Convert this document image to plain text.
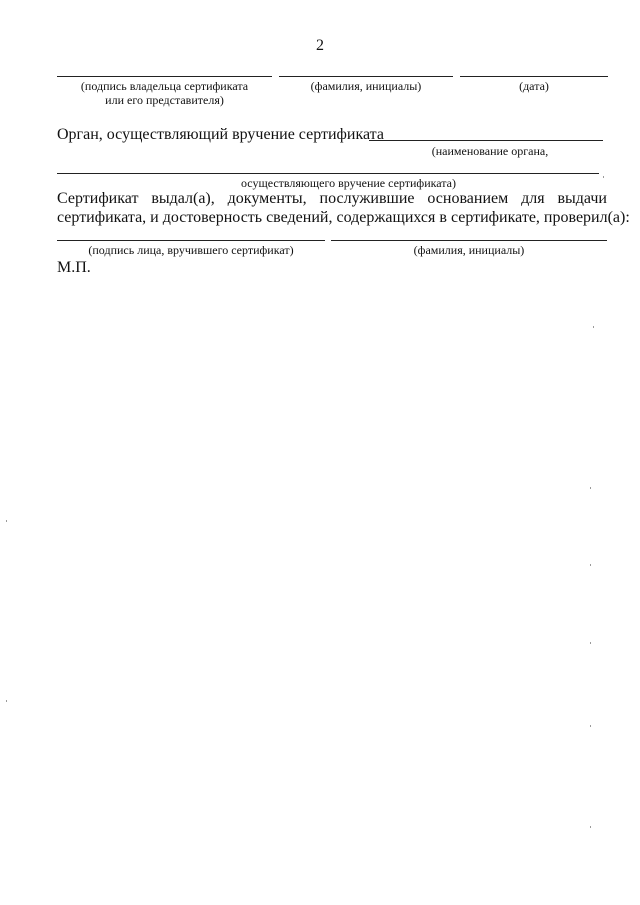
2
(подпись владельца сертификата
или его представителя)
(фамилия, инициалы)	(дата)
Орган, осуществляющий вручение сертификата
(наименование органа,
осуществляющего вручение сертификата)
Сертификат выдал(а), документы, послужившие основанием для выдачи
сертификата, и достоверность сведений, содержащихся в сертификате, проверил(а):
(подпись лица, вручившего сертификат)	(фамилия, инициалы)
М.П.
